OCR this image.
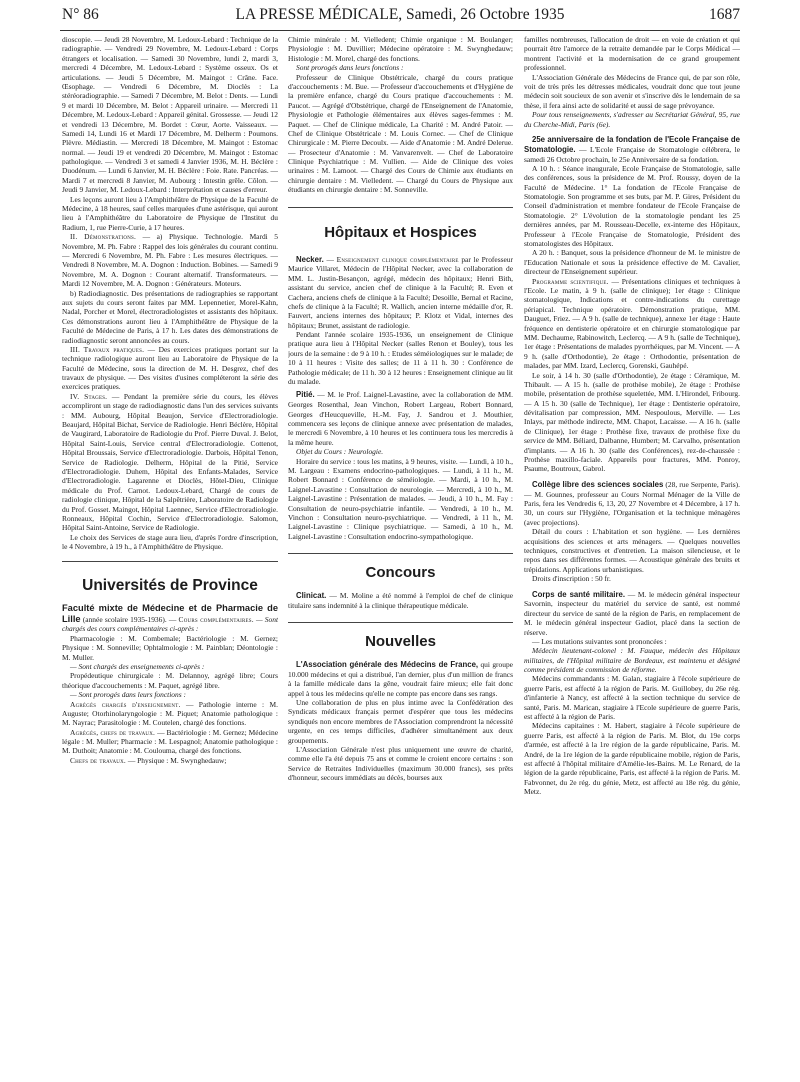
N° 86	LA PRESSE MÉDICALE, Samedi, 26 Octobre 1935	1687

dioscopie. — Jeudi 28 Novembre, M. Ledoux-Lebard : Technique de la radiographie. — Vendredi 29 Novembre, M. Ledoux-Lebard : Corps étrangers et localisation. — Samedi 30 Novembre, lundi 2, mardi 3, mercredi 4 Décembre, M. Ledoux-Lebard : Système osseux. Os et articulations. — Jeudi 5 Décembre, M. Maingot : Crâne. Face. Œsophage. — Vendredi 6 Décembre, M. Dioclès : La stéréoradiographie. — Samedi 7 Décembre, M. Belot : Dents. — Lundi 9 et mardi 10 Décembre, M. Belot : Appareil urinaire. — Mercredi 11 Décembre, M. Ledoux-Lebard : Appareil génital. Grossesse. — Jeudi 12 et vendredi 13 Décembre, M. Bordet : Cœur, Aorte. Vaisseaux. — Samedi 14, Lundi 16 et Mardi 17 Décembre, M. Delherm : Poumons. Plèvre. Médiastin. — Mercredi 18 Décembre, M. Maingot : Estomac normal. — Jeudi 19 et vendredi 20 Décembre, M. Maingot : Estomac pathologique. — Vendredi 3 et samedi 4 Janvier 1936, M. H. Béclère : Duodénum. — Lundi 6 Janvier, M. H. Béclère : Foie. Rate. Pancréas. — Mardi 7 et mercredi 8 Janvier, M. Aubourg : Intestin grêle. Côlon. — Jeudi 9 Janvier, M. Ledoux-Lebard : Interprétation et causes d'erreur.

Les leçons auront lieu à l'Amphithéâtre de Physique de la Faculté de Médecine, à 18 heures, sauf celles marquées d'une astérisque, qui auront lieu à l'Amphithéâtre du Laboratoire de Physique de l'Institut du Radium, 1, rue Pierre-Curie, à 17 heures.

II. Démonstrations. — a) Physique. Technologie. Mardi 5 Novembre, M. Ph. Fabre : Rappel des lois générales du courant continu. — Mercredi 6 Novembre, M. Ph. Fabre : Les mesures électriques. — Vendredi 8 Novembre, M. A. Dognon : Induction. Bobines. — Samedi 9 Novembre, M. A. Dognon : Courant alternatif. Transformateurs. — Mardi 12 Novembre, M. A. Dognon : Générateurs. Moteurs.

b) Radiodiagnostic. Des présentations de radiographies se rapportant aux sujets du cours seront faites par MM. Lepennetier, Morel-Kahn, Nadal, Porcher et Morel, électroradiologistes et assistants des hôpitaux. Ces démonstrations auront lieu à l'Amphithéâtre de Physique de la Faculté de Médecine de Paris, à 17 h. Les dates des démonstrations de radiodiagnostic seront annoncées au cours.

III. Travaux pratiques. — Des exercices pratiques portant sur la technique radiologique auront lieu au Laboratoire de Physique de la Faculté de Médecine, sous la direction de M. H. Desgrez, chef des travaux de physique. — Des visites d'usines compléteront la série des exercices pratiques.

IV. Stages. — Pendant la première série du cours, les élèves accompliront un stage de radiodiagnostic dans l'un des services suivants : MM. Aubourg, Hôpital Beaujon, Service d'Electroradiologie. Beaujard, Hôpital Bichat, Service de Radiologie. Henri Béclère, Hôpital de Vaugirard, Laboratoire de Radiologie du Prof. Pierre Duval. J. Belot, Hôpital Saint-Louis, Service central d'Electroradiologie. Cottenot, Hôpital Broussais, Service d'Electroradiologie. Darbois, Hôpital Tenon, Service de Radiologie. Delherm, Hôpital de la Pitié, Service d'Electroradiologie. Duhem, Hôpital des Enfants-Malades, Service d'Electroradiologie. Lagarenne et Dioclès, Hôtel-Dieu, Clinique médicale du Prof. Carnot. Ledoux-Lebard, Chargé de cours de radiologie clinique, Hôpital de la Salpêtrière, Laboratoire de Radiologie du Prof. Gosset. Maingot, Hôpital Laennec, Service d'Electroradiologie. Ronneaux, Hôpital Cochin, Service d'Electroradiologie. Salomon, Hôpital Saint-Antoine, Service de Radiologie.

Le choix des Services de stage aura lieu, d'après l'ordre d'inscription, le 4 Novembre, à 19 h., à l'Amphithéâtre de Physique.

Universités de Province

Faculté mixte de Médecine et de Pharmacie de Lille (année scolaire 1935-1936). — Cours complémentaires. — Sont chargés des cours complémentaires ci-après :

Pharmacologie : M. Combemale; Bactériologie : M. Gernez; Physique : M. Sonneville; Ophtalmologie : M. Painblan; Déontologie : M. Muller.

— Sont chargés des enseignements ci-après :

Propédeutique chirurgicale : M. Delannoy, agrégé libre; Cours théorique d'accouchements : M. Paquet, agrégé libre.

— Sont prorogés dans leurs fonctions :

Agrégés chargés d'enseignement. — Pathologie interne : M. Auguste; Otorhinolaryngologie : M. Piquet; Anatomie pathologique : M. Nayrac; Parasitologie : M. Coutelen, chargé des fonctions.

Agrégés, chefs de travaux. — Bactériologie : M. Gernez; Médecine légale : M. Muller; Pharmacie : M. Lespagnol; Anatomie pathologique : M. Duthoit; Anatomie : M. Coulouma, chargé des fonctions.

Chefs de travaux. — Physique : M. Swynghedauw;

Chimie minérale : M. Vielledent; Chimie organique : M. Boulanger; Physiologie : M. Duvillier; Médecine opératoire : M. Swynghedauw; Histologie : M. Morel, chargé des fonctions.

Sont prorogés dans leurs fonctions :

Professeur de Clinique Obstétricale, chargé du cours pratique d'accouchements : M. Bue. — Professeur d'accouchements et d'Hygiène de la première enfance, chargé du Cours pratique d'accouchements : M. Paucot. — Agrégé d'Obstétrique, chargé de l'Enseignement de l'Anatomie, Physiologie et Pathologie élémentaires aux élèves sages-femmes : M. Paquet. — Chef de Clinique médicale, La Charité : M. André Patoir. — Chef de Clinique Obstétricale : M. Louis Cornec. — Chef de Clinique Chirurgicale : M. Pierre Decoulx. — Aide d'Anatomie : M. André Delerue. — Prosecteur d'Anatomie : M. Vanvarenvelt. — Chef de Laboratoire Clinique Psychiatrique : M. Vullien. — Aide de Clinique des voies urinaires : M. Lamoot. — Chargé des Cours de Chimie aux étudiants en chirurgie dentaire : M. Vielledent. — Chargé du Cours de Physique aux étudiants en chirurgie dentaire : M. Sonneville.

Hôpitaux et Hospices

Necker. — Enseignement clinique complémentaire par le Professeur Maurice Villaret, Médecin de l'Hôpital Necker, avec la collaboration de MM. L. Justin-Besançon, agrégé, médecin des hôpitaux; Henri Bith, assistant du service, ancien chef de clinique à la Faculté; R. Even et Cachera, anciens chefs de clinique à la Faculté; Desoille, Bernal et Racine, chefs de clinique à la Faculté; R. Wallich, ancien interne médaille d'or, R. Fauvert, anciens internes des hôpitaux; P. Klotz et Vidal, internes des hôpitaux; Brunet, assistant de radiologie.

Pendant l'année scolaire 1935-1936, un enseignement de Clinique pratique aura lieu à l'Hôpital Necker (salles Renon et Bouley), tous les jours de la semaine : de 9 à 10 h. : Etudes séméiologiques sur le malade; de 10 à 11 heures : Visite des salles; de 11 à 11 h. 30 : Conférence de Pathologie médicale; de 11 h. 30 à 12 heures : Enseignement clinique au lit du malade.

Pitié. — M. le Prof. Laignel-Lavastine, avec la collaboration de MM. Georges Rosenthal, Jean Vinchon, Robert Largeau, Robert Bonnard, Georges d'Heucqueville, H.-M. Fay, J. Sandrou et J. Mouthier, commencera ses leçons de clinique annexe avec présentation de malades, le mercredi 6 Novembre, à 10 heures et les continuera tous les mercredis à la même heure.

Objet du Cours : Neurologie.

Horaire du service : tous les matins, à 9 heures, visite. — Lundi, à 10 h., M. Largeau : Examens endocrino-pathologiques. — Lundi, à 11 h., M. Robert Bonnard : Conférence de séméiologie. — Mardi, à 10 h., M. Laignel-Lavastine : Consultation de neurologie. — Mercredi, à 10 h., M. Laignel-Lavastine : Présentation de malades. — Jeudi, à 10 h., M. Fay : Consultation de neuro-psychiatrie infantile. — Vendredi, à 10 h., M. Vinchon : Consultation neuro-psychiatrique. — Vendredi, à 11 h., M. Laignel-Lavastine : Clinique psychiatrique. — Samedi, à 10 h., M. Laignel-Lavastine : Consultation endocrino-sympathologique.

Concours

Clinicat. — M. Moline a été nommé à l'emploi de chef de clinique titulaire sans indemnité à la clinique thérapeutique médicale.

Nouvelles

L'Association générale des Médecins de France, qui groupe 10.000 médecins et qui a distribué, l'an dernier, plus d'un million de francs à la famille médicale dans la gêne, voudrait faire mieux; elle fait donc appel à tous les médecins qu'elle ne compte pas encore dans ses rangs.

Une collaboration de plus en plus intime avec la Confédération des Syndicats médicaux français permet d'espérer que tous les médecins syndiqués non encore membres de l'Association comprendront la nécessité urgente, en ces temps difficiles, d'adhérer simultanément aux deux groupements.

L'Association Générale n'est plus uniquement une œuvre de charité, comme elle l'a été depuis 75 ans et comme le croient encore certains : son Service de Retraites Individuelles (maximum 30.000 francs), ses prêts d'honneur, secours immédiats au décès, bourses aux

familles nombreuses, l'allocation de droit — en voie de création et qui pourrait être l'amorce de la retraite demandée par le Corps Médical — montrent l'activité et la modernisation de ce grand groupement professionnel.

L'Association Générale des Médecins de France qui, de par son rôle, voit de très près les détresses médicales, voudrait donc que tout jeune médecin soit soucieux de son avenir et s'inscrive dès le lendemain de sa thèse, il fera ainsi acte de solidarité et aussi de sage prévoyance.

Pour tous renseignements, s'adresser au Secrétariat Général, 95, rue du Cherche-Midi, Paris (6e).

25e anniversaire de la fondation de l'Ecole Française de Stomatologie. — L'Ecole Française de Stomatologie célébrera, le samedi 26 Octobre prochain, le 25e Anniversaire de sa fondation.

A 10 h. : Séance inaugurale, Ecole Française de Stomatologie, salle des conférences, sous la présidence de M. Prof. Roussy, doyen de la Faculté de Médecine. 1° La fondation de l'Ecole Française de Stomatologie. Son programme et ses buts, par M. P. Gires, Président du Conseil d'administration et membre fondateur de l'Ecole Française de Stomatologie. 2° L'évolution de la stomatologie pendant les 25 dernières années, par M. Rousseau-Decelle, ex-interne des Hôpitaux, Professeur à l'Ecole Française de Stomatologie, Président des stomatologistes des Hôpitaux.

A 20 h. : Banquet, sous la présidence d'honneur de M. le ministre de l'Education Nationale et sous la présidence effective de M. Cavalier, directeur de l'Enseignement supérieur.

Programme scientifique. — Présentations cliniques et techniques à l'Ecole. Le matin, à 9 h. (salle de clinique); 1er étage : Clinique stomatologique, Indications et contre-indications du curettage périapical. Technique opératoire. Démonstration pratique, MM. Dauguet, Friez. — A 9 h. (salle de technique), annexe 1er étage : Haute fréquence en dentisterie opératoire et en chirurgie stomatologique par MM. Dechaume, Rabinowitch, Leclercq. — A 9 h. (salle de Technique), 1er étage : Présentations de malades pyorrhéiques, par M. Vincent. — A 9 h. (salle d'Orthodontie), 2e étage : Orthodontie, présentation de malades, par MM. Izard, Leclercq, Gorenski, Gauhépé.

Le soir, à 14 h. 30 (salle d'Orthodontie), 2e étage : Céramique, M. Thibault. — A 15 h. (salle de prothèse mobile), 2e étage : Prothèse mobile, présentation de prothèse squelettée, MM. L'Hirondel, Fribourg. — A 15 h. 30 (salle de Technique), 1er étage : Dentisterie opératoire, dévitalisation par compression, MM. Nespoulous, Merville. — Les Inlays, par méthode indirecte, MM. Chapot, Lacaisse. — A 16 h. (salle de Clinique), 1er étage : Prothèse fixe, travaux de prothèse fixe du service de MM. Béliard, Dalbanne, Humbert; M. Carvalho, présentation d'implants. — A 16 h. 30 (salle des Conférences), rez-de-chaussée : Prothèse maxillo-faciale. Appareils pour fractures, MM. Ponroy, Psaume, Boutroux, Gabrol.

Collège libre des sciences sociales (28, rue Serpente, Paris). — M. Gounnes, professeur au Cours Normal Ménager de la Ville de Paris, fera les Vendredis 6, 13, 20, 27 Novembre et 4 Décembre, à 17 h. 30, un cours sur l'Hygiène, l'Organisation et la technique ménagères (avec projections).

Détail du cours : L'habitation et son hygiène. — Les dernières acquisitions des sciences et arts ménagers. — Quelques nouvelles techniques, constructives et d'entretien. La maison silencieuse, et le repos dans ses différentes formes. — Acoustique générale des bruits et trépidations. Applications urbanistiques.

Droits d'inscription : 50 fr.

Corps de santé militaire. — M. le médecin général inspecteur Savornin, inspecteur du matériel du service de santé, est nommé directeur du service de santé de la région de Paris, en remplacement de M. le médecin général inspecteur Gadiot, placé dans la section de réserve.

— Les mutations suivantes sont prononcées :

Médecin lieutenant-colonel : M. Fauque, médecin des Hôpitaux militaires, de l'Hôpital militaire de Bordeaux, est maintenu et désigné comme président de commission de réforme.

Médecins commandants : M. Galan, stagiaire à l'école supérieure de guerre Paris, est affecté à la région de Paris. M. Guillobey, du 26e rég. d'infanterie à Nancy, est affecté à la section technique du service de santé, Paris. M. Marican, stagiaire à l'Ecole supérieure de guerre Paris, est affecté à la région de Paris.

Médecins capitaines : M. Habert, stagiaire à l'école supérieure de guerre Paris, est affecté à la région de Paris. M. Blot, du 19e corps d'armée, est affecté à la 1re région de la garde républicaine, Paris. M. André, de la 1re légion de la garde républicaine mobile, région de Paris, est affecté à l'hôpital militaire d'Amélie-les-Bains. M. Le Renard, de la légion de la garde républicaine, Paris, est affecté à la région de Paris. M. Fabvonnet, du 2e rég. du génie, Metz, est affecté au 18e rég. du génie, Metz.
